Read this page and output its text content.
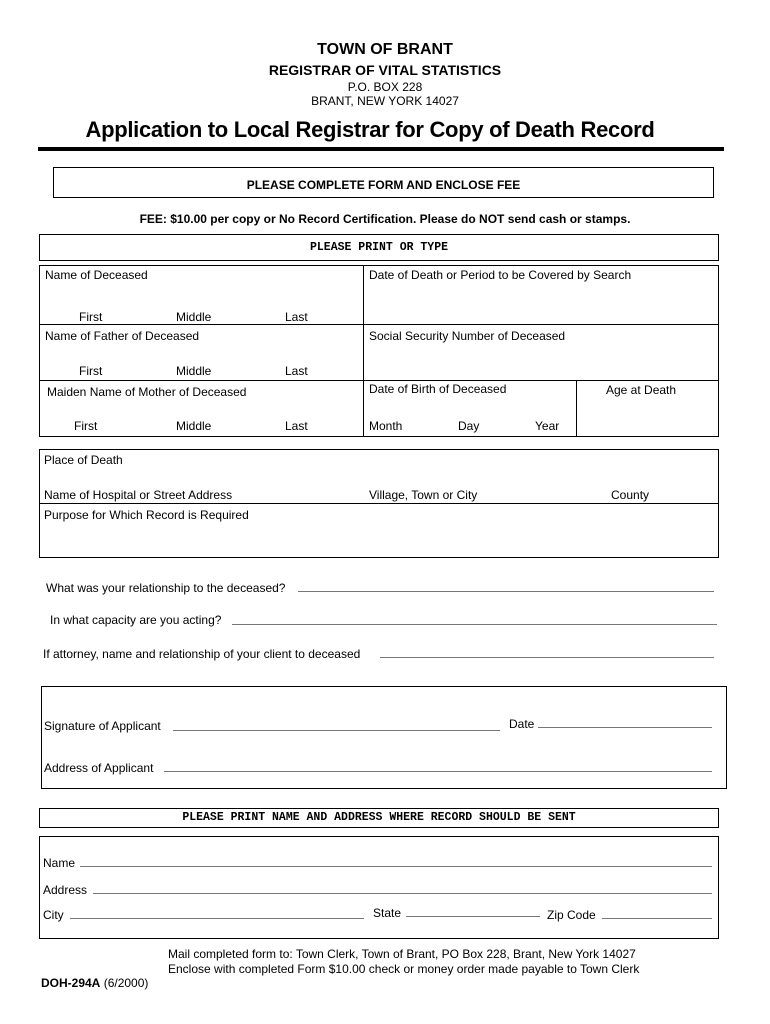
TOWN OF BRANT
REGISTRAR OF VITAL STATISTICS
P.O. BOX 228
BRANT, NEW YORK 14027
Application to Local Registrar for Copy of Death Record
PLEASE COMPLETE FORM AND ENCLOSE FEE
FEE: $10.00 per copy or No Record Certification. Please do NOT send cash or stamps.
PLEASE PRINT OR TYPE
Name of Deceased	Date of Death or Period to be Covered by Search
First	Middle	Last
Name of Father of Deceased	Social Security Number of Deceased
First	Middle	Last
Maiden Name of Mother of Deceased	Date of Birth of Deceased	Age at Death
First	Middle	Last	Month	Day	Year
Place of Death
Name of Hospital or Street Address	Village, Town or City	County
Purpose for Which Record is Required
What was your relationship to the deceased?
In what capacity are you acting?
If attorney, name and relationship of your client to deceased
Signature of Applicant	Date
Address of Applicant
PLEASE PRINT NAME AND ADDRESS WHERE RECORD SHOULD BE SENT
Name
Address
City	State	Zip Code
Mail completed form to: Town Clerk, Town of Brant, PO Box 228, Brant, New York 14027
Enclose with completed Form $10.00 check or money order made payable to Town Clerk
DOH-294A (6/2000)
